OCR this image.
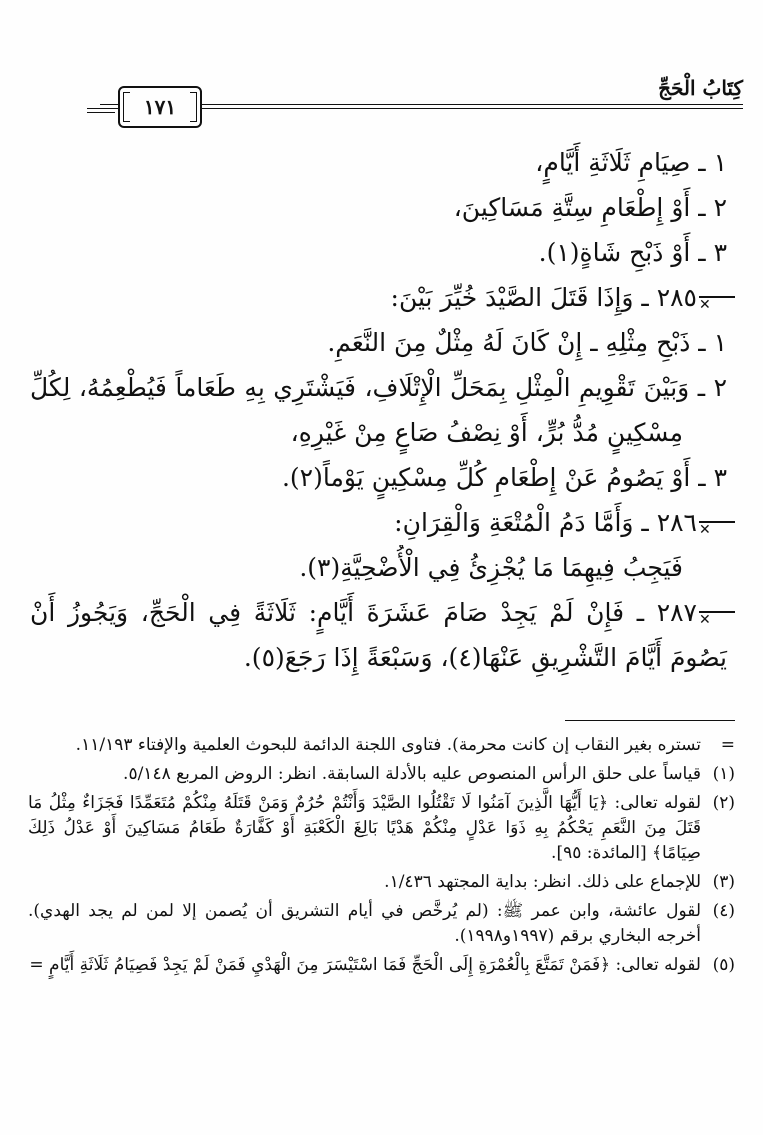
كِتَابُ الْحَجِّ
١٧١
١ ـ صِيَامِ ثَلَاثَةِ أَيَّامٍ،
٢ ـ أَوْ إِطْعَامِ سِتَّةِ مَسَاكِينَ،
٣ ـ أَوْ ذَبْحِ شَاةٍ(١).
✕
٢٨٥ ـ وَإِذَا قَتَلَ الصَّيْدَ خُيِّرَ بَيْنَ:
١ ـ ذَبْحِ مِثْلِهِ ـ إِنْ كَانَ لَهُ مِثْلٌ مِنَ النَّعَمِ.
٢ ـ وَبَيْنَ تَقْوِيمِ الْمِثْلِ بِمَحَلِّ الْإِتْلَافِ، فَيَشْتَرِي بِهِ طَعَاماً فَيُطْعِمُهُ، لِكُلِّ
مِسْكِينٍ مُدُّ بُرٍّ، أَوْ نِصْفُ صَاعٍ مِنْ غَيْرِهِ،
٣ ـ أَوْ يَصُومُ عَنْ إِطْعَامِ كُلِّ مِسْكِينٍ يَوْماً(٢).
✕
٢٨٦ ـ وَأَمَّا دَمُ الْمُتْعَةِ وَالْقِرَانِ:
فَيَجِبُ فِيهِمَا مَا يُجْزِئُ فِي الْأُضْحِيَّةِ(٣).
✕
٢٨٧ ـ فَإِنْ لَمْ يَجِدْ صَامَ عَشَرَةَ أَيَّامٍ: ثَلَاثَةً فِي الْحَجِّ، وَيَجُوزُ أَنْ
يَصُومَ أَيَّامَ التَّشْرِيقِ عَنْهَا(٤)، وَسَبْعَةً إِذَا رَجَعَ(٥).
=
تستره بغير النقاب إن كانت محرمة). فتاوى اللجنة الدائمة للبحوث العلمية والإفتاء ١١/١٩٣.
(١)
قياساً على حلق الرأس المنصوص عليه بالأدلة السابقة. انظر: الروض المربع ٥/١٤٨.
(٢)
لقوله تعالى: ﴿يَا أَيُّهَا الَّذِينَ آمَنُوا لَا تَقْتُلُوا الصَّيْدَ وَأَنْتُمْ حُرُمٌ وَمَنْ قَتَلَهُ مِنْكُمْ مُتَعَمِّدًا فَجَزَاءٌ مِثْلُ مَا قَتَلَ مِنَ النَّعَمِ يَحْكُمُ بِهِ ذَوَا عَدْلٍ مِنْكُمْ هَدْيًا بَالِغَ الْكَعْبَةِ أَوْ كَفَّارَةٌ طَعَامُ مَسَاكِينَ أَوْ عَدْلُ ذَلِكَ صِيَامًا﴾ [المائدة: ٩٥].
(٣)
للإجماع على ذلك. انظر: بداية المجتهد ١/٤٣٦.
(٤)
لقول عائشة، وابن عمر ﷺ: (لم يُرخَّص في أيام التشريق أن يُصمن إلا لمن لم يجد الهدي). أخرجه البخاري برقم (١٩٩٧و١٩٩٨).
(٥)
لقوله تعالى: ﴿فَمَنْ تَمَتَّعَ بِالْعُمْرَةِ إِلَى الْحَجِّ فَمَا اسْتَيْسَرَ مِنَ الْهَدْيِ فَمَنْ لَمْ يَجِدْ فَصِيَامُ ثَلَاثَةِ أَيَّامٍ =
